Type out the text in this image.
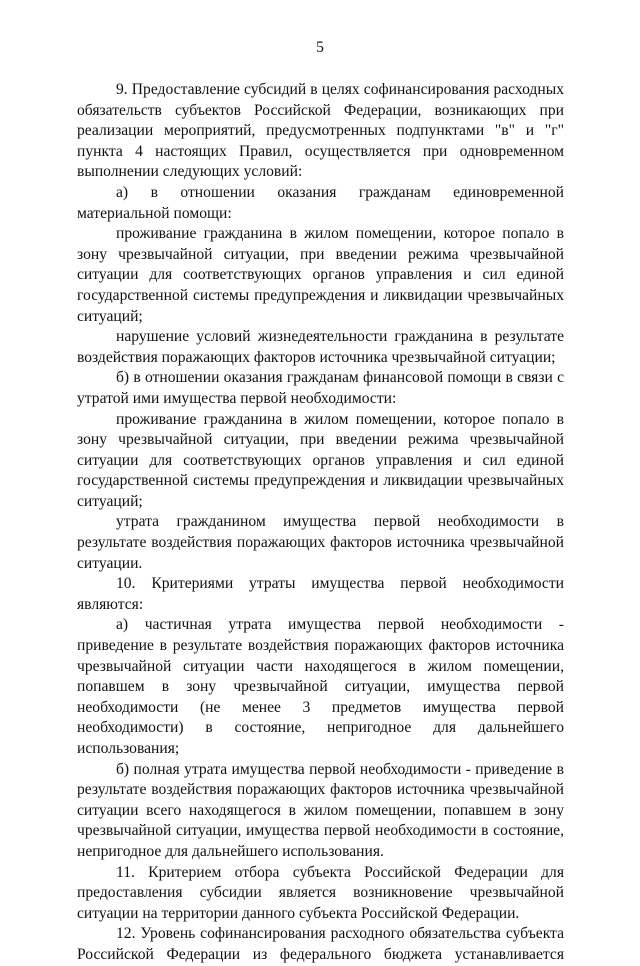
5

9. Предоставление субсидий в целях софинансирования расходных обязательств субъектов Российской Федерации, возникающих при реализации мероприятий, предусмотренных подпунктами "в" и "г" пункта 4 настоящих Правил, осуществляется при одновременном выполнении следующих условий:

а) в отношении оказания гражданам единовременной материальной помощи:

проживание гражданина в жилом помещении, которое попало в зону чрезвычайной ситуации, при введении режима чрезвычайной ситуации для соответствующих органов управления и сил единой государственной системы предупреждения и ликвидации чрезвычайных ситуаций;

нарушение условий жизнедеятельности гражданина в результате воздействия поражающих факторов источника чрезвычайной ситуации;

б) в отношении оказания гражданам финансовой помощи в связи с утратой ими имущества первой необходимости:

проживание гражданина в жилом помещении, которое попало в зону чрезвычайной ситуации, при введении режима чрезвычайной ситуации для соответствующих органов управления и сил единой государственной системы предупреждения и ликвидации чрезвычайных ситуаций;

утрата гражданином имущества первой необходимости в результате воздействия поражающих факторов источника чрезвычайной ситуации.

10. Критериями утраты имущества первой необходимости являются:

а) частичная утрата имущества первой необходимости - приведение в результате воздействия поражающих факторов источника чрезвычайной ситуации части находящегося в жилом помещении, попавшем в зону чрезвычайной ситуации, имущества первой необходимости (не менее 3 предметов имущества первой необходимости) в состояние, непригодное для дальнейшего использования;

б) полная утрата имущества первой необходимости - приведение в результате воздействия поражающих факторов источника чрезвычайной ситуации всего находящегося в жилом помещении, попавшем в зону чрезвычайной ситуации, имущества первой необходимости в состояние, непригодное для дальнейшего использования.

11. Критерием отбора субъекта Российской Федерации для предоставления субсидии является возникновение чрезвычайной ситуации на территории данного субъекта Российской Федерации.

12. Уровень софинансирования расходного обязательства субъекта Российской Федерации из федерального бюджета устанавливается
